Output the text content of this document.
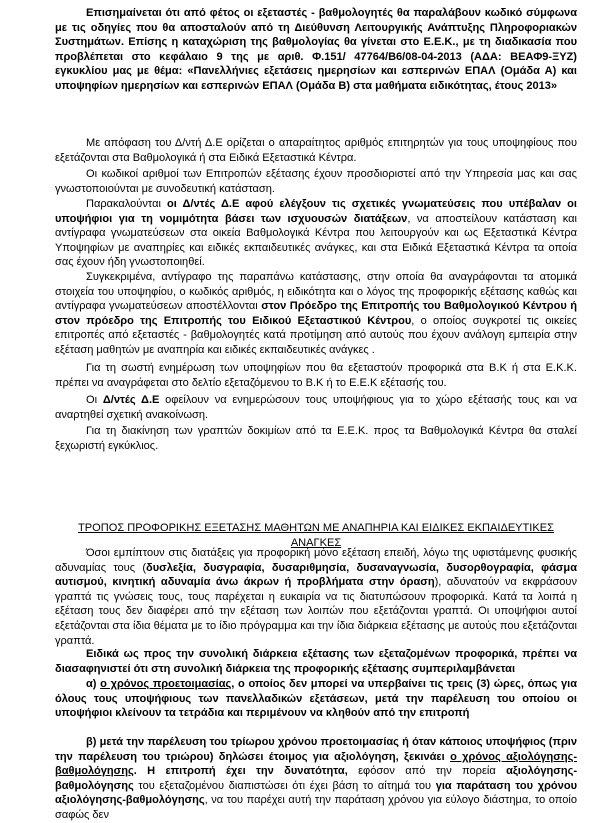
Επισημαίνεται ότι από φέτος οι εξεταστές - βαθμολογητές θα παραλάβουν κωδικό σύμφωνα με τις οδηγίες που θα αποσταλούν από τη Διεύθυνση Λειτουργικής Ανάπτυξης Πληροφοριακών Συστημάτων. Επίσης η καταχώριση της βαθμολογίας θα γίνεται στο Ε.Ε.Κ., με τη διαδικασία που προβλέπεται στο κεφάλαιο 9 της με αριθ. Φ.151/ 47764/Β6/08-04-2013 (ΑΔΑ: ΒΕΑΦ9-ΞΥΖ) εγκυκλίου μας με θέμα: «Πανελλήνιες εξετάσεις ημερησίων και εσπερινών ΕΠΑΛ (Ομάδα Α) και υποψηφίων ημερησίων και εσπερινών ΕΠΑΛ (Ομάδα Β) στα μαθήματα ειδικότητας, έτους 2013»

Με απόφαση του Δ/ντή Δ.Ε ορίζεται ο απαραίτητος αριθμός επιτηρητών για τους υποψηφίους που εξετάζονται στα Βαθμολογικά ή στα Ειδικά Εξεταστικά Κέντρα.

Οι κωδικοί αριθμοί των Επιτροπών εξέτασης έχουν προσδιοριστεί από την Υπηρεσία μας και σας γνωστοποιούνται με συνοδευτική κατάσταση.

Παρακαλούνται οι Δ/ντές Δ.Ε αφού ελέγξουν τις σχετικές γνωματεύσεις που υπέβαλαν οι υποψήφιοι για τη νομιμότητα βάσει των ισχυουσών διατάξεων, να αποστείλουν κατάσταση και αντίγραφα γνωματεύσεων στα οικεία Βαθμολογικά Κέντρα που λειτουργούν και ως Εξεταστικά Κέντρα Υποψηφίων με αναπηρίες και ειδικές εκπαιδευτικές ανάγκες, και στα Ειδικά Εξεταστικά Κέντρα τα οποία σας έχουν ήδη γνωστοποιηθεί.

Συγκεκριμένα, αντίγραφο της παραπάνω κατάστασης, στην οποία θα αναγράφονται τα ατομικά στοιχεία του υποψηφίου, ο κωδικός αριθμός, η ειδικότητα και ο λόγος της προφορικής εξέτασης καθώς και αντίγραφα γνωματεύσεων αποστέλλονται στον Πρόεδρο της Επιτροπής του Βαθμολογικού Κέντρου ή στον πρόεδρο της Επιτροπής του Ειδικού Εξεταστικού Κέντρου, ο οποίος συγκροτεί τις οικείες επιτροπές από εξεταστές - βαθμολογητές κατά προτίμηση από αυτούς που έχουν ανάλογη εμπειρία στην εξέταση μαθητών με αναπηρία και ειδικές εκπαιδευτικές ανάγκες .

Για τη σωστή ενημέρωση των υποψηφίων που θα εξεταστούν προφορικά στα Β.Κ ή στα Ε.Κ.Κ. πρέπει να αναγράφεται στο δελτίο εξεταζόμενου το Β.Κ ή το Ε.Ε.Κ εξέτασής του.

Οι Δ/ντές Δ.Ε οφείλουν να ενημερώσουν τους υποψήφιους για το χώρο εξέτασής τους και να αναρτηθεί σχετική ανακοίνωση.

Για τη διακίνηση των γραπτών δοκιμίων από τα Ε.Ε.Κ. προς τα Βαθμολογικά Κέντρα θα σταλεί ξεχωριστή εγκύκλιος.

ΤΡΟΠΟΣ ΠΡΟΦΟΡΙΚΗΣ ΕΞΕΤΑΣΗΣ ΜΑΘΗΤΩΝ ΜΕ ΑΝΑΠΗΡΙΑ ΚΑΙ ΕΙΔΙΚΕΣ ΕΚΠΑΙΔΕΥΤΙΚΕΣ ΑΝΑΓΚΕΣ

Όσοι εμπίπτουν στις διατάξεις για προφορική μόνο εξέταση επειδή, λόγω της υφιστάμενης φυσικής αδυναμίας τους (δυσλεξία, δυσγραφία, δυσαριθμησία, δυσαναγνωσία, δυσορθογραφία, φάσμα αυτισμού, κινητική αδυναμία άνω άκρων ή προβλήματα στην όραση), αδυνατούν να εκφράσουν γραπτά τις γνώσεις τους, τους παρέχεται η ευκαιρία να τις διατυπώσουν προφορικά. Κατά τα λοιπά η εξέταση τους δεν διαφέρει από την εξέταση των λοιπών που εξετάζονται γραπτά. Οι υποψήφιοι αυτοί εξετάζονται στα ίδια θέματα με το ίδιο πρόγραμμα και την ίδια διάρκεια εξέτασης με αυτούς που εξετάζονται γραπτά.

Ειδικά ως προς την συνολική διάρκεια εξέτασης των εξεταζομένων προφορικά, πρέπει να διασαφηνιστεί ότι στη συνολική διάρκεια της προφορικής εξέτασης συμπεριλαμβάνεται

α) ο χρόνος προετοιμασίας, ο οποίος δεν μπορεί να υπερβαίνει τις τρεις (3) ώρες, όπως για όλους τους υποψήφιους των πανελλαδικών εξετάσεων, μετά την παρέλευση του οποίου οι υποψήφιοι κλείνουν τα τετράδια και περιμένουν να κληθούν από την επιτροπή

β) μετά την παρέλευση του τρίωρου χρόνου προετοιμασίας ή όταν κάποιος υποψήφιος (πριν την παρέλευση του τριώρου) δηλώσει έτοιμος για αξιολόγηση, ξεκινάει ο χρόνος αξιολόγησης-βαθμολόγησης. Η επιτροπή έχει την δυνατότητα, εφόσον από την πορεία αξιολόγησης-βαθμολόγησης του εξεταζομένου διαπιστώσει ότι έχει βάση το αίτημά του για παράταση του χρόνου αξιολόγησης-βαθμολόγησης, να του παρέχει αυτή την παράταση χρόνου για εύλογο διάστημα, το οποίο σαφώς δεν
